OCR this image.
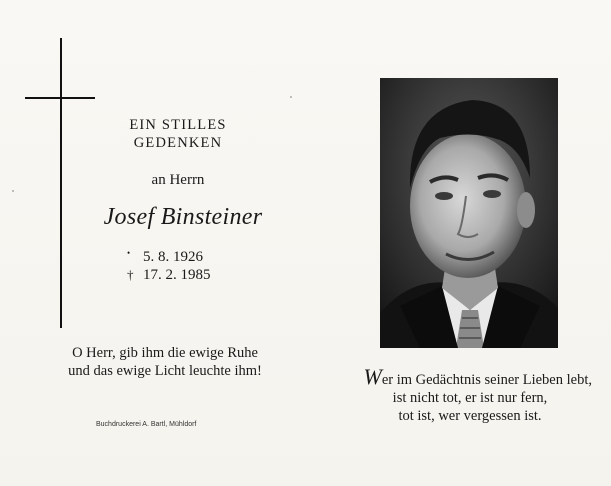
EIN STILLES
GEDENKEN
an Herrn
Josef Binsteiner
• 5. 8. 1926
† 17. 2. 1985
O Herr, gib ihm die ewige Ruhe
und das ewige Licht leuchte ihm!
Buchdruckerei A. Bartl, Mühldorf
Wer im Gedächtnis seiner Lieben lebt,
ist nicht tot, er ist nur fern,
tot ist, wer vergessen ist.
